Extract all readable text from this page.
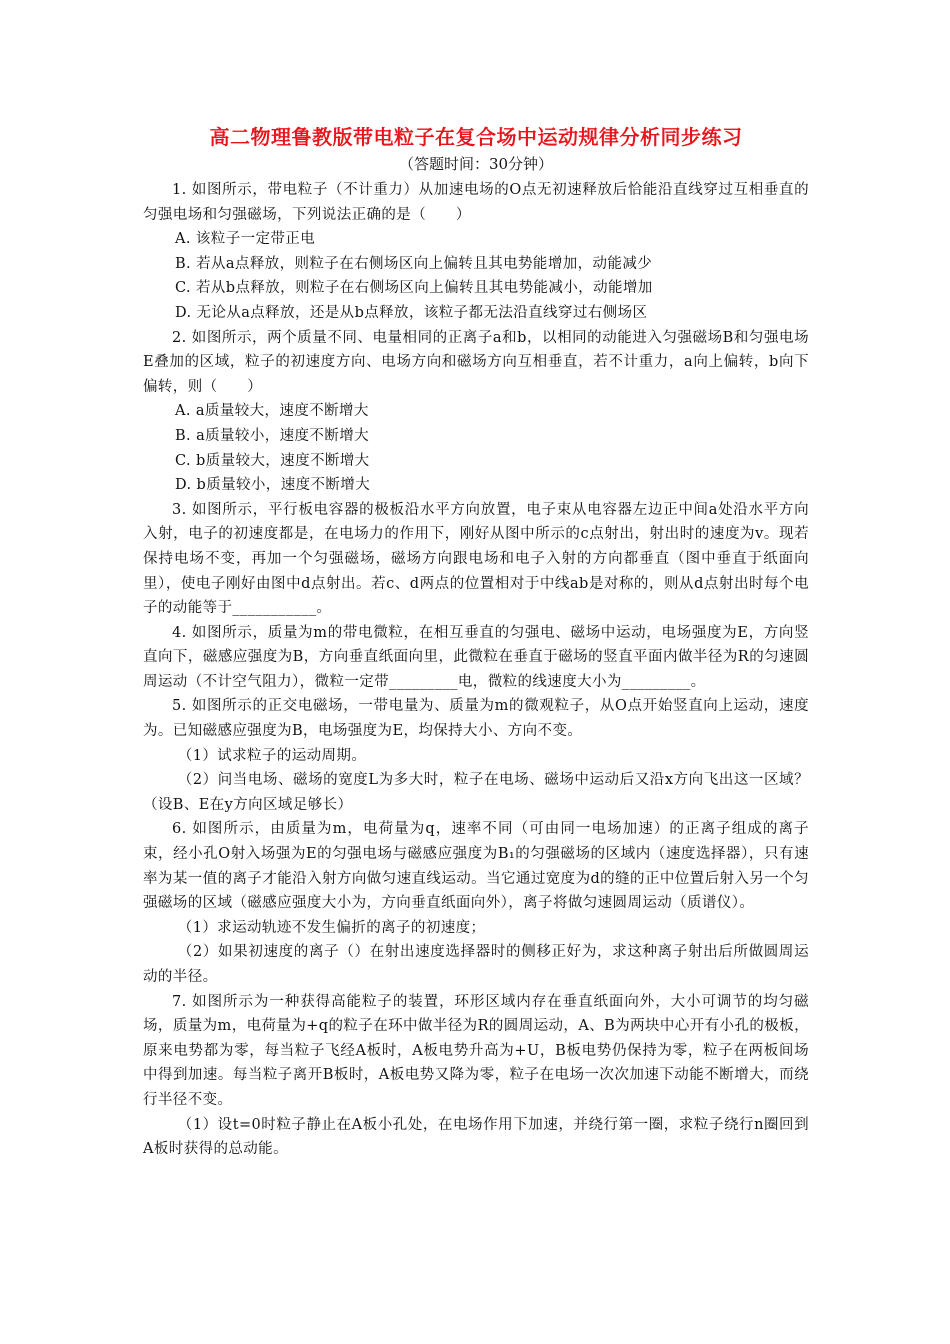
高二物理鲁教版带电粒子在复合场中运动规律分析同步练习

（答题时间：30分钟）

1. 如图所示，带电粒子（不计重力）从加速电场的O点无初速释放后恰能沿直线穿过互相垂直的匀强电场和匀强磁场，下列说法正确的是（　　）

A. 该粒子一定带正电

B. 若从a点释放，则粒子在右侧场区向上偏转且其电势能增加，动能减少

C. 若从b点释放，则粒子在右侧场区向上偏转且其电势能减小，动能增加

D. 无论从a点释放，还是从b点释放，该粒子都无法沿直线穿过右侧场区

2. 如图所示，两个质量不同、电量相同的正离子a和b，以相同的动能进入匀强磁场B和匀强电场E叠加的区域，粒子的初速度方向、电场方向和磁场方向互相垂直，若不计重力，a向上偏转，b向下偏转，则（　　）

A. a质量较大，速度不断增大

B. a质量较小，速度不断增大

C. b质量较大，速度不断增大

D. b质量较小，速度不断增大

3. 如图所示，平行板电容器的极板沿水平方向放置，电子束从电容器左边正中间a处沿水平方向入射，电子的初速度都是，在电场力的作用下，刚好从图中所示的c点射出，射出时的速度为v。现若保持电场不变，再加一个匀强磁场，磁场方向跟电场和电子入射的方向都垂直（图中垂直于纸面向里），使电子刚好由图中d点射出。若c、d两点的位置相对于中线ab是对称的，则从d点射出时每个电子的动能等于___________。

4. 如图所示，质量为m的带电微粒，在相互垂直的匀强电、磁场中运动，电场强度为E，方向竖直向下，磁感应强度为B，方向垂直纸面向里，此微粒在垂直于磁场的竖直平面内做半径为R的匀速圆周运动（不计空气阻力），微粒一定带_________电，微粒的线速度大小为_________。

5. 如图所示的正交电磁场，一带电量为、质量为m的微观粒子，从O点开始竖直向上运动，速度为。已知磁感应强度为B，电场强度为E，均保持大小、方向不变。

（1）试求粒子的运动周期。

（2）问当电场、磁场的宽度L为多大时，粒子在电场、磁场中运动后又沿x方向飞出这一区域？（设B、E在y方向区域足够长）

6. 如图所示，由质量为m，电荷量为q，速率不同（可由同一电场加速）的正离子组成的离子束，经小孔O射入场强为E的匀强电场与磁感应强度为B₁的匀强磁场的区域内（速度选择器），只有速率为某一值的离子才能沿入射方向做匀速直线运动。当它通过宽度为d的缝的正中位置后射入另一个匀强磁场的区域（磁感应强度大小为，方向垂直纸面向外），离子将做匀速圆周运动（质谱仪）。

（1）求运动轨迹不发生偏折的离子的初速度；

（2）如果初速度的离子（）在射出速度选择器时的侧移正好为，求这种离子射出后所做圆周运动的半径。

7. 如图所示为一种获得高能粒子的装置，环形区域内存在垂直纸面向外，大小可调节的均匀磁场，质量为m，电荷量为+q的粒子在环中做半径为R的圆周运动，A、B为两块中心开有小孔的极板，原来电势都为零，每当粒子飞经A板时，A板电势升高为+U，B板电势仍保持为零，粒子在两板间场中得到加速。每当粒子离开B板时，A板电势又降为零，粒子在电场一次次加速下动能不断增大，而绕行半径不变。

（1）设t=0时粒子静止在A板小孔处，在电场作用下加速，并绕行第一圈，求粒子绕行n圈回到A板时获得的总动能。
